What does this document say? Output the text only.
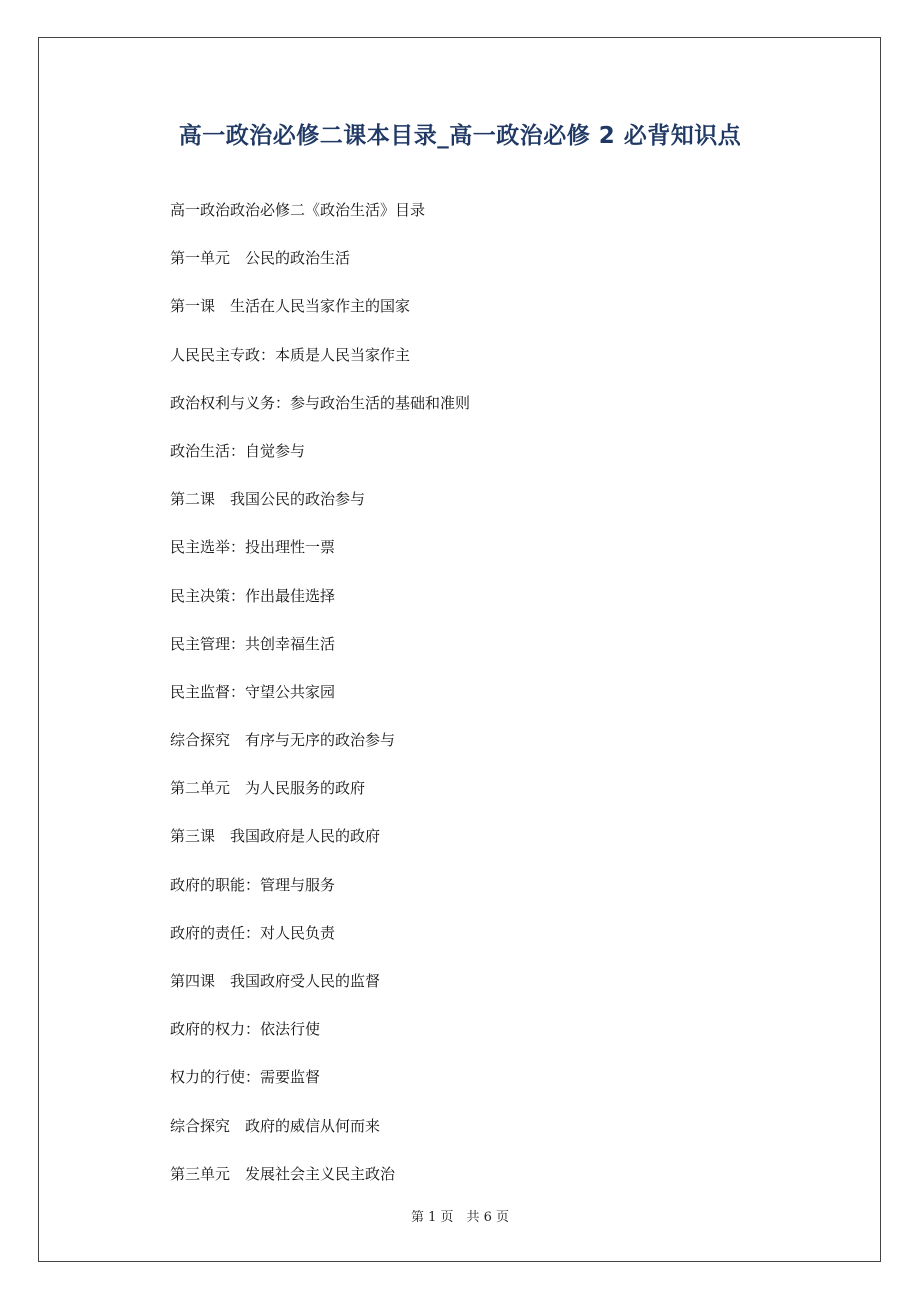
高一政治必修二课本目录_高一政治必修 2 必背知识点
高一政治政治必修二《政治生活》目录
第一单元　公民的政治生活
第一课　生活在人民当家作主的国家
人民民主专政：本质是人民当家作主
政治权利与义务：参与政治生活的基础和准则
政治生活：自觉参与
第二课　我国公民的政治参与
民主选举：投出理性一票
民主决策：作出最佳选择
民主管理：共创幸福生活
民主监督：守望公共家园
综合探究　有序与无序的政治参与
第二单元　为人民服务的政府
第三课　我国政府是人民的政府
政府的职能：管理与服务
政府的责任：对人民负责
第四课　我国政府受人民的监督
政府的权力：依法行使
权力的行使：需要监督
综合探究　政府的威信从何而来
第三单元　发展社会主义民主政治
第 1 页　共 6 页
